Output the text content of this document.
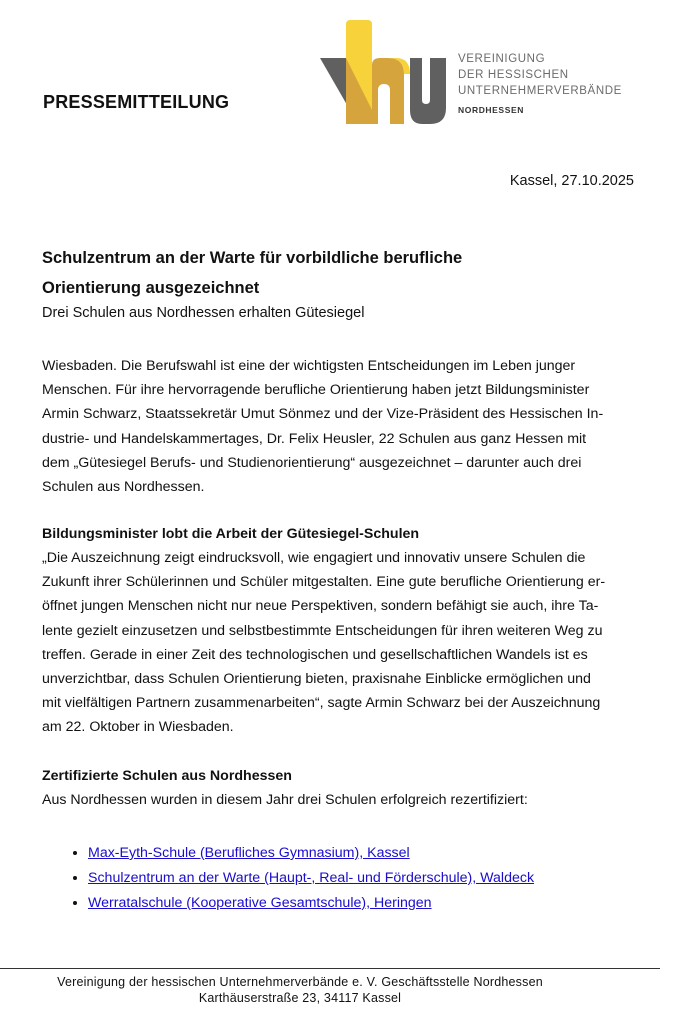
PRESSEMITTEILUNG
VEREINIGUNG
DER HESSISCHEN
UNTERNEHMERVERBÄNDE
NORDHESSEN
Kassel, 27.10.2025
Schulzentrum an der Warte für vorbildliche berufliche
Orientierung ausgezeichnet
Drei Schulen aus Nordhessen erhalten Gütesiegel
Wiesbaden. Die Berufswahl ist eine der wichtigsten Entscheidungen im Leben junger
Menschen. Für ihre hervorragende berufliche Orientierung haben jetzt Bildungsminister
Armin Schwarz, Staatssekretär Umut Sönmez und der Vize-Präsident des Hessischen In-
dustrie- und Handelskammertages, Dr. Felix Heusler, 22 Schulen aus ganz Hessen mit
dem „Gütesiegel Berufs- und Studienorientierung“ ausgezeichnet – darunter auch drei
Schulen aus Nordhessen.
Bildungsminister lobt die Arbeit der Gütesiegel-Schulen
„Die Auszeichnung zeigt eindrucksvoll, wie engagiert und innovativ unsere Schulen die
Zukunft ihrer Schülerinnen und Schüler mitgestalten. Eine gute berufliche Orientierung er-
öffnet jungen Menschen nicht nur neue Perspektiven, sondern befähigt sie auch, ihre Ta-
lente gezielt einzusetzen und selbstbestimmte Entscheidungen für ihren weiteren Weg zu
treffen. Gerade in einer Zeit des technologischen und gesellschaftlichen Wandels ist es
unverzichtbar, dass Schulen Orientierung bieten, praxisnahe Einblicke ermöglichen und
mit vielfältigen Partnern zusammenarbeiten“, sagte Armin Schwarz bei der Auszeichnung
am 22. Oktober in Wiesbaden.
Zertifizierte Schulen aus Nordhessen
Aus Nordhessen wurden in diesem Jahr drei Schulen erfolgreich rezertifiziert:
• Max-Eyth-Schule (Berufliches Gymnasium), Kassel
• Schulzentrum an der Warte (Haupt-, Real- und Förderschule), Waldeck
• Werratalschule (Kooperative Gesamtschule), Heringen
Vereinigung der hessischen Unternehmerverbände e. V. Geschäftsstelle Nordhessen
Karthäuserstraße 23, 34117 Kassel
